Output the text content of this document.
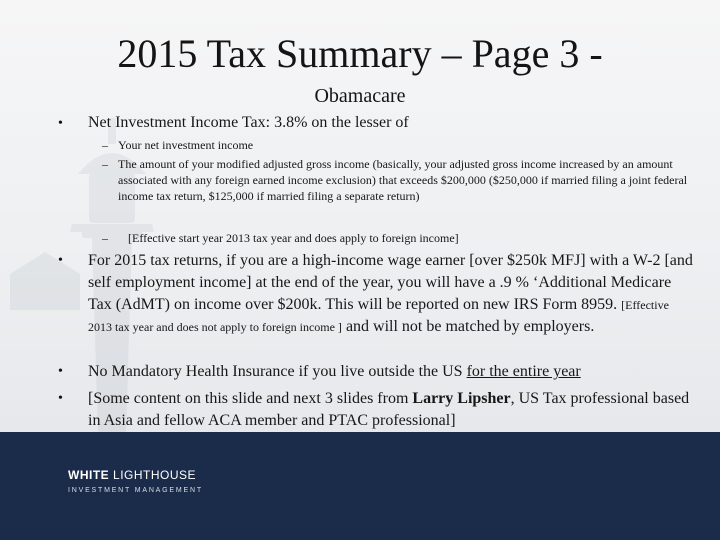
2015 Tax Summary – Page 3 -
Obamacare
• Net Investment Income Tax: 3.8% on the lesser of
– Your net investment income
– The amount of your modified adjusted gross income (basically, your adjusted gross income increased by an amount associated with any foreign earned income exclusion) that exceeds $200,000 ($250,000 if married filing a joint federal income tax return, $125,000 if married filing a separate return)
– [Effective start year 2013 tax year and does apply to foreign income]
• For 2015 tax returns, if you are a high-income wage earner [over $250k MFJ] with a W-2 [and self employment income] at the end of the year, you will have a .9 % ‘Additional Medicare Tax (AdMT) on income over $200k. This will be reported on new IRS Form 8959. [Effective 2013 tax year and does not apply to foreign income ] and will not be matched by employers.
• No Mandatory Health Insurance if you live outside the US for the entire year
• [Some content on this slide and next 3 slides from Larry Lipsher, US Tax professional based in Asia and fellow ACA member and PTAC professional]
WHITE LIGHTHOUSE
INVESTMENT MANAGEMENT
